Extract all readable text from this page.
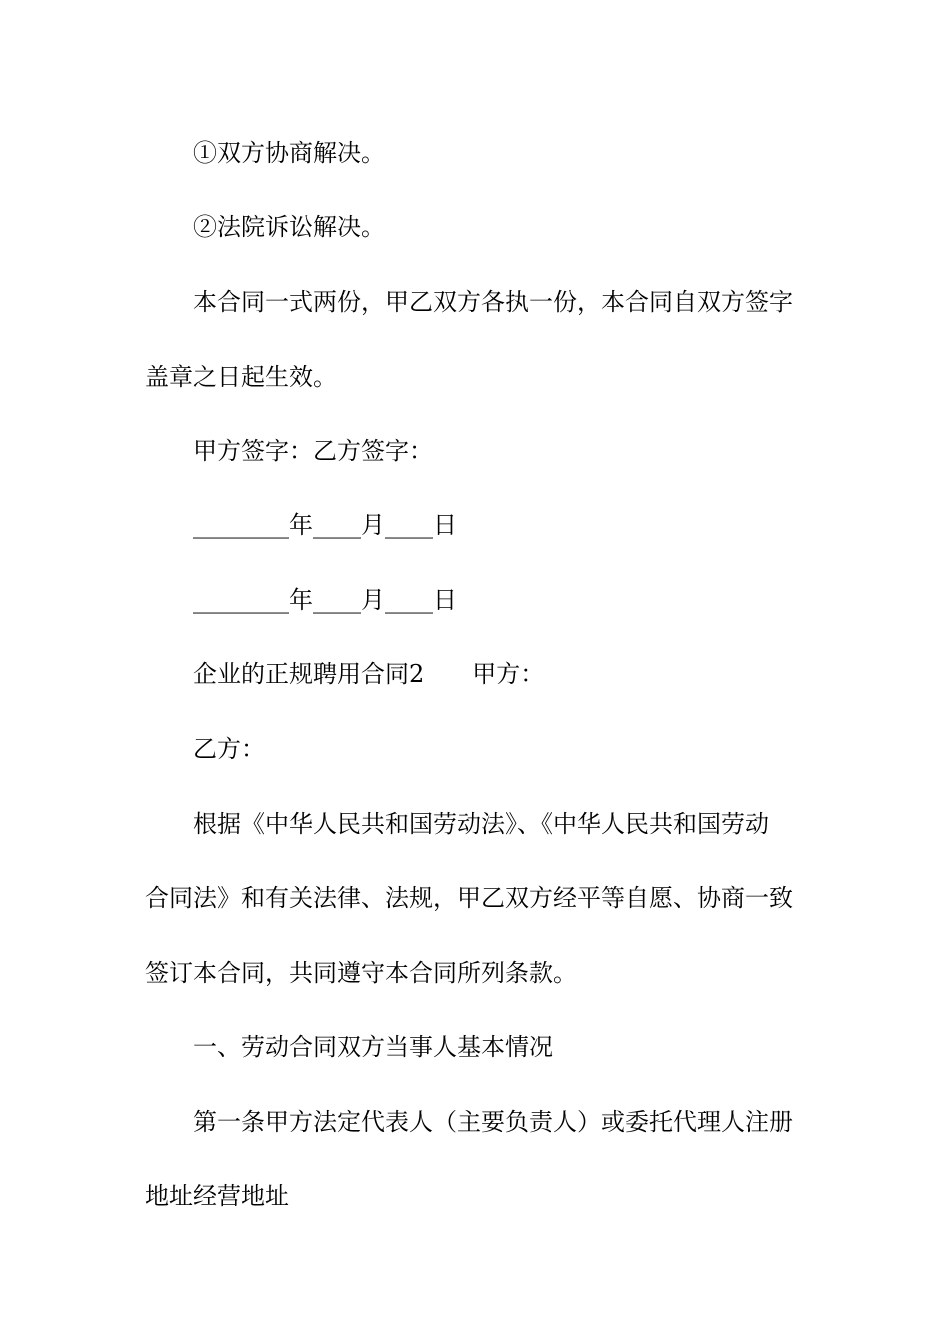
①双方协商解决。
②法院诉讼解决。
本合同一式两份，甲乙双方各执一份，本合同自双方签字
盖章之日起生效。
甲方签字：乙方签字：
________年____月____日
________年____月____日
企业的正规聘用合同2　　甲方：
乙方：
根据《中华人民共和国劳动法》、《中华人民共和国劳动
合同法》和有关法律、法规，甲乙双方经平等自愿、协商一致
签订本合同，共同遵守本合同所列条款。
一、劳动合同双方当事人基本情况
第一条甲方法定代表人（主要负责人）或委托代理人注册
地址经营地址
